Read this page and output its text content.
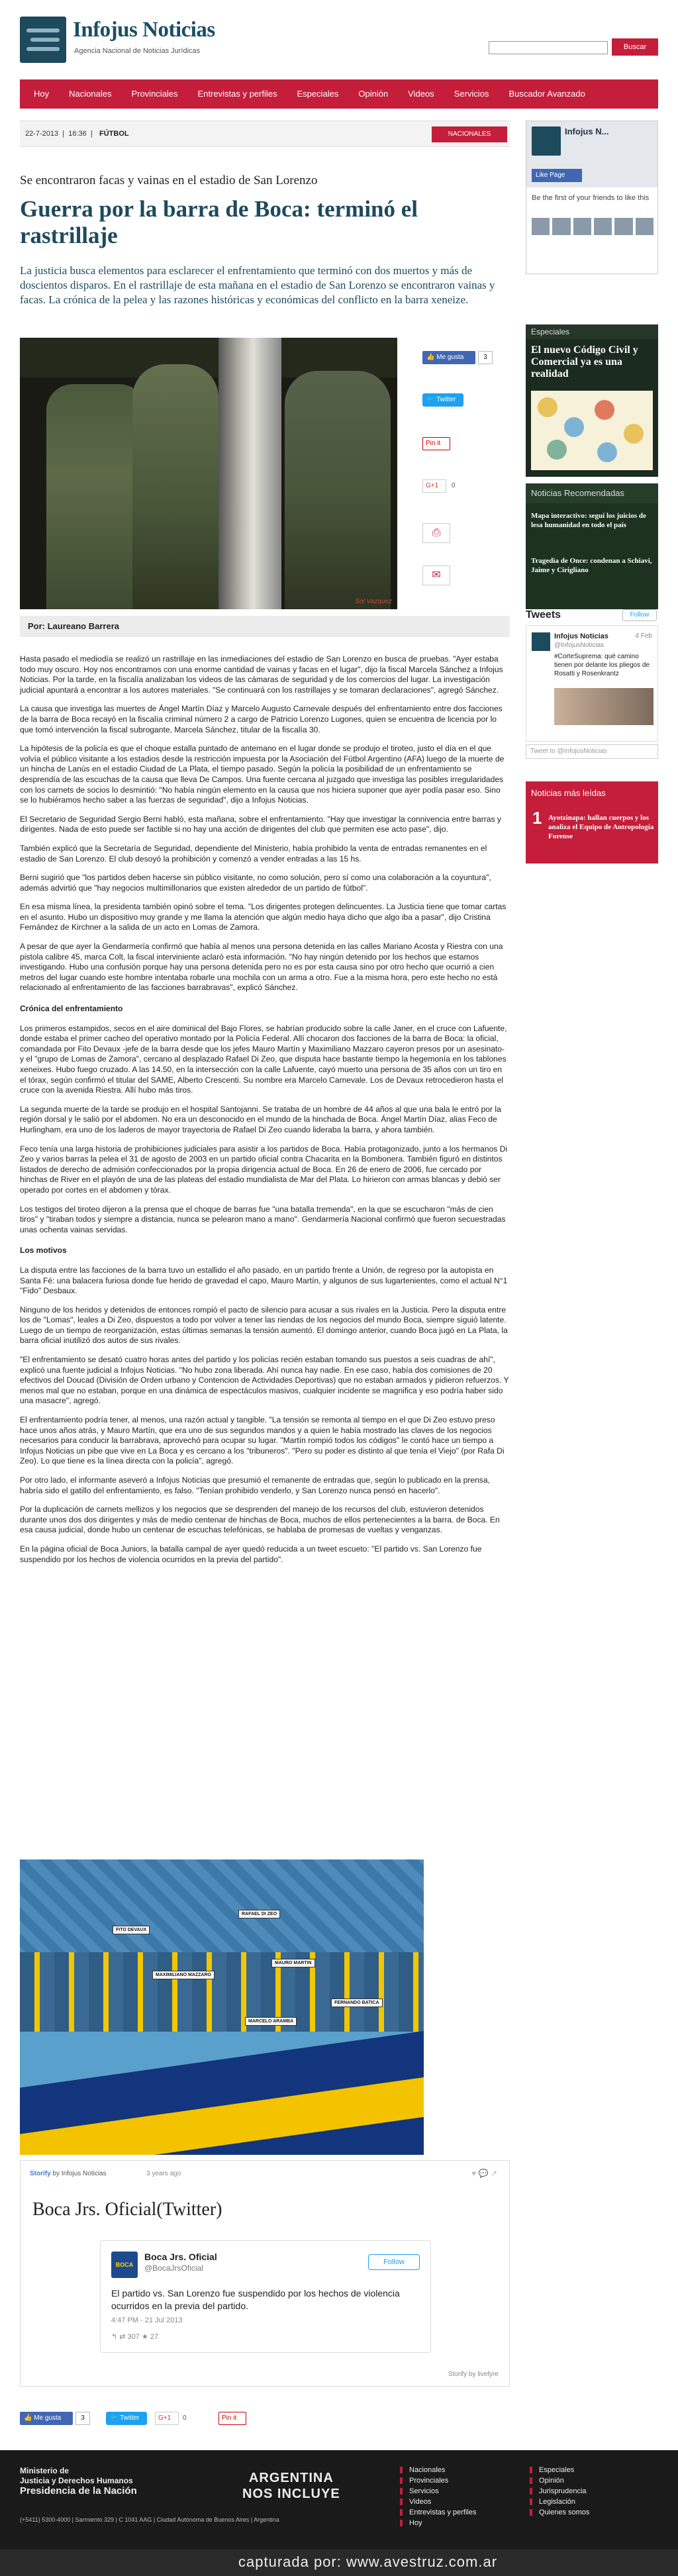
Infojus Noticias
Agencia Nacional de Noticias Jurídicas	Buscar
Hoy	Nacionales	Provinciales	Entrevistas y perfiles	Especiales	Opinión	Videos	Servicios	Buscador Avanzado
22-7-2013  |  16:36  | FÚTBOL	NACIONALES
Se encontraron facas y vainas en el estadio de San Lorenzo
Guerra por la barra de Boca: terminó el rastrillaje
La justicia busca elementos para esclarecer el enfrentamiento que terminó con dos muertos y más de doscientos disparos. En el rastrillaje de esta mañana en el estadio de San Lorenzo se encontraron vainas y facas. La crónica de la pelea y las razones históricas y económicas del conflicto en la barra xeneize.
Sol Vazquez
👍 Me gusta	3
🐦 Twitter
Pin it
G+1	0
⎙
✉
Por: Laureano Barrera

Hasta pasado el mediodía se realizó un rastrillaje en las inmediaciones del estadio de San Lorenzo en busca de pruebas. "Ayer estaba todo muy oscuro. Hoy nos encontramos con una enorme cantidad de vainas y facas en el lugar", dijo la fiscal Marcela Sánchez a Infojus Noticias. Por la tarde, en la fiscalía analizaban los videos de las cámaras de seguridad y de los comercios del lugar. La investigación judicial apuntará a encontrar a los autores materiales. "Se continuará con los rastrillajes y se tomaran declaraciones", agregó Sánchez.

La causa que investiga las muertes de Ángel Martín Díaz y Marcelo Augusto Carnevale después del enfrentamiento entre dos facciones de la barra de Boca recayó en la fiscalía criminal número 2 a cargo de Patricio Lorenzo Lugones, quien se encuentra de licencia por lo que tomó intervención la fiscal subrogante, Marcela Sánchez, titular de la fiscalía 30.

La hipótesis de la policía es que el choque estalla puntado de antemano en el lugar donde se produjo el tiroteo, justo el día en el que volvía el público visitante a los estadios desde la restricción impuesta por la Asociación del Fútbol Argentino (AFA) luego de la muerte de un hincha de Lanús en el estadio Ciudad de La Plata, el tiempo pasado. Según la policía la posibilidad de un enfrentamiento se desprendía de las escuchas de la causa que lleva De Campos. Una fuente cercana al juzgado que investiga las posibles irregularidades con los carnets de socios lo desmintió: "No había ningún elemento en la causa que nos hiciera suponer que ayer podía pasar eso. Sino se lo hubiéramos hecho saber a las fuerzas de seguridad", dijo a Infojus Noticias.

El Secretario de Seguridad Sergio Berni habló, esta mañana, sobre el enfrentamiento. "Hay que investigar la connivencia entre barras y dirigentes. Nada de esto puede ser factible si no hay una acción de dirigentes del club que permiten ese acto pase", dijo.

También explicó que la Secretaría de Seguridad, dependiente del Ministerio, había prohibido la venta de entradas remanentes en el estadio de San Lorenzo. El club desoyó la prohibición y comenzó a vender entradas a las 15 hs.

Berni sugirió que "los partidos deben hacerse sin público visitante, no como solución, pero sí como una colaboración a la coyuntura", además advirtió que "hay negocios multimillonarios que existen alrededor de un partido de fútbol".

En esa misma línea, la presidenta también opinó sobre el tema. "Los dirigentes protegen delincuentes. La Justicia tiene que tomar cartas en el asunto. Hubo un dispositivo muy grande y me llama la atención que algún medio haya dicho que algo iba a pasar", dijo Cristina Fernández de Kirchner a la salida de un acto en Lomas de Zamora.

A pesar de que ayer la Gendarmería confirmó que había al menos una persona detenida en las calles Mariano Acosta y Riestra con una pistola calibre 45, marca Colt, la fiscal interviniente aclaró esta información. "No hay ningún detenido por los hechos que estamos investigando. Hubo una confusión porque hay una persona detenida pero no es por esta causa sino por otro hecho que ocurrió a cien metros del lugar cuando este hombre intentaba robarle una mochila con un arma a otro. Fue a la misma hora, pero este hecho no está relacionado al enfrentamiento de las facciones barrabravas", explicó Sánchez.

Crónica del enfrentamiento

Los primeros estampidos, secos en el aire dominical del Bajo Flores, se habrían producido sobre la calle Janer, en el cruce con Lafuente, donde estaba el primer cacheo del operativo montado por la Policía Federal. Allí chocaron dos facciones de la barra de Boca: la oficial, comandada por Fito Devaux -jefe de la barra desde que los jefes Mauro Martín y Maximiliano Mazzaro cayeron presos por un asesinato- y el "grupo de Lomas de Zamora", cercano al desplazado Rafael Di Zeo, que disputa hace bastante tiempo la hegemonía en los tablones xeneixes. Hubo fuego cruzado. A las 14.50, en la intersección con la calle Lafuente, cayó muerto una persona de 35 años con un tiro en el tórax, según confirmó el titular del SAME, Alberto Crescenti. Su nombre era Marcelo Carnevale. Los de Devaux retrocedieron hasta el cruce con la avenida Riestra. Allí hubo más tiros.

La segunda muerte de la tarde se produjo en el hospital Santojanni. Se trataba de un hombre de 44 años al que una bala le entró por la región dorsal y le salió por el abdomen. No era un desconocido en el mundo de la hinchada de Boca. Ángel Martín Díaz, alias Feco de Hurlingham, era uno de los laderos de mayor trayectoria de Rafael Di Zeo cuando lideraba la barra, y ahora también.

Feco tenía una larga historia de prohibiciones judiciales para asistir a los partidos de Boca. Había protagonizado, junto a los hermanos Di Zeo y varios barras la pelea el 31 de agosto de 2003 en un partido oficial contra Chacarita en la Bombonera. También figuró en distintos listados de derecho de admisión confeccionados por la propia dirigencia actual de Boca. En 26 de enero de 2006, fue cercado por hinchas de River en el playón de una de las plateas del estadio mundialista de Mar del Plata. Lo hirieron con armas blancas y debió ser operado por cortes en el abdomen y tórax.

Los testigos del tiroteo dijeron a la prensa que el choque de barras fue "una batalla tremenda", en la que se escucharon "más de cien tiros" y "tiraban todos y siempre a distancia, nunca se pelearon mano a mano". Gendarmería Nacional confirmó que fueron secuestradas unas ochenta vainas servidas.

Los motivos

La disputa entre las facciones de la barra tuvo un estallido el año pasado, en un partido frente a Unión, de regreso por la autopista en Santa Fé: una balacera furiosa donde fue herido de gravedad el capo, Mauro Martín, y algunos de sus lugartenientes, como el actual N°1 "Fido" Desbaux.

Ninguno de los heridos y detenidos de entonces rompió el pacto de silencio para acusar a sus rivales en la Justicia. Pero la disputa entre los de "Lomas", leales a Di Zeo, dispuestos a todo por volver a tener las riendas de los negocios del mundo Boca, siempre siguió latente. Luego de un tiempo de reorganización, estas últimas semanas la tensión aumentó. El domingo anterior, cuando Boca jugó en La Plata, la barra oficial inutilizó dos autos de sus rivales.

"El enfrentamiento se desató cuatro horas antes del partido y los policías recién estaban tomando sus puestos a seis cuadras de ahí", explicó una fuente judicial a Infojus Noticias. "No hubo zona liberada. Ahí nunca hay nadie. En ese caso, había dos comisiones de 20 efectivos del Doucad (División de Orden urbano y Contencion de Actividades Deportivas) que no estaban armados y pidieron refuerzos. Y menos mal que no estaban, porque en una dinámica de espectáculos masivos, cualquier incidente se magnifica y eso podría haber sido una masacre", agregó.

El enfrentamiento podría tener, al menos, una razón actual y tangible. "La tensión se remonta al tiempo en el que Di Zeo estuvo preso hace unos años atrás, y Mauro Martín, que era uno de sus segundos mandos y a quien le había mostrado las claves de los negocios necesarios para conducir la barrabrava, aprovechó para ocupar su lugar. "Martín rompió todos los códigos" le contó hace un tiempo a Infojus Noticias un pibe que vive en La Boca y es cercano a los "tribuneros". "Pero su poder es distinto al que tenía el Viejo" (por Rafa Di Zeo). Lo que tiene es la línea directa con la policía", agregó.

Por otro lado, el informante aseveró a Infojus Noticias que presumió el remanente de entradas que, según lo publicado en la prensa, habría sido el gatillo del enfrentamiento, es falso. "Tenían prohibido venderlo, y San Lorenzo nunca pensó en hacerlo".

Por la duplicación de carnets mellizos y los negocios que se desprenden del manejo de los recursos del club, estuvieron detenidos durante unos dos dos dirigentes y más de medio centenar de hinchas de Boca, muchos de ellos pertenecientes a la barra. de Boca. En esa causa judicial, donde hubo un centenar de escuchas telefónicas, se hablaba de promesas de vueltas y venganzas.

En la página oficial de Boca Juniors, la batalla campal de ayer quedó reducida a un tweet escueto: "El partido vs. San Lorenzo fue suspendido por los hechos de violencia ocurridos en la previa del partido".

FITO DEVAUX
RAFAEL DI ZEO
MAXIMILIANO MAZZARO
MAURO MARTIN
FERNANDO BATICA
MARCELO ARAMBA
Storify by Infojus Noticias	3 years ago	♥ 💬 ↗
Boca Jrs. Oficial(Twitter)
BOCA
Boca Jrs. Oficial
@BocaJrsOficial
Follow
El partido vs. San Lorenzo fue suspendido por los hechos de violencia ocurridos en la previa del partido.
4:47 PM - 21 Jul 2013
↰ ⇄ 307 ★ 27
Storify by livefyre
👍 Me gusta	3	🐦 Twitter	G+1	0	Pin it
Infojus N...
Like Page
Be the first of your friends to like this
Especiales
El nuevo Código Civil y Comercial ya es una realidad
Noticias Recomendadas
Mapa interactivo: seguí los juicios de lesa humanidad en todo el país
Tragedia de Once: condenan a Schiavi, Jaime y Cirigliano
Tweets	Follow
Infojus Noticias
@InfojusNoticias
4 Feb
#CorteSuprema: qué camino tienen por delante los pliegos de Rosatti y Rosenkrantz
Tweet to @InfojusNoticias
Noticias más leídas
1 Ayotzinapa: hallan cuerpos y los analiza el Equipo de Antropología Forense
Ministerio de
Justicia y Derechos Humanos
Presidencia de la Nación
ARGENTINA
NOS INCLUYE
(+5411) 5300-4000 | Sarmiento 329 | C 1041 AAG | Ciudad Autónoma de Buenos Aires | Argentina
Nacionales
Provinciales
Servicios
Videos
Entrevistas y perfiles
Hoy
Especiales
Opinión
Jurisprudencia
Legislación
Quienes somos
capturada por: www.avestruz.com.ar
